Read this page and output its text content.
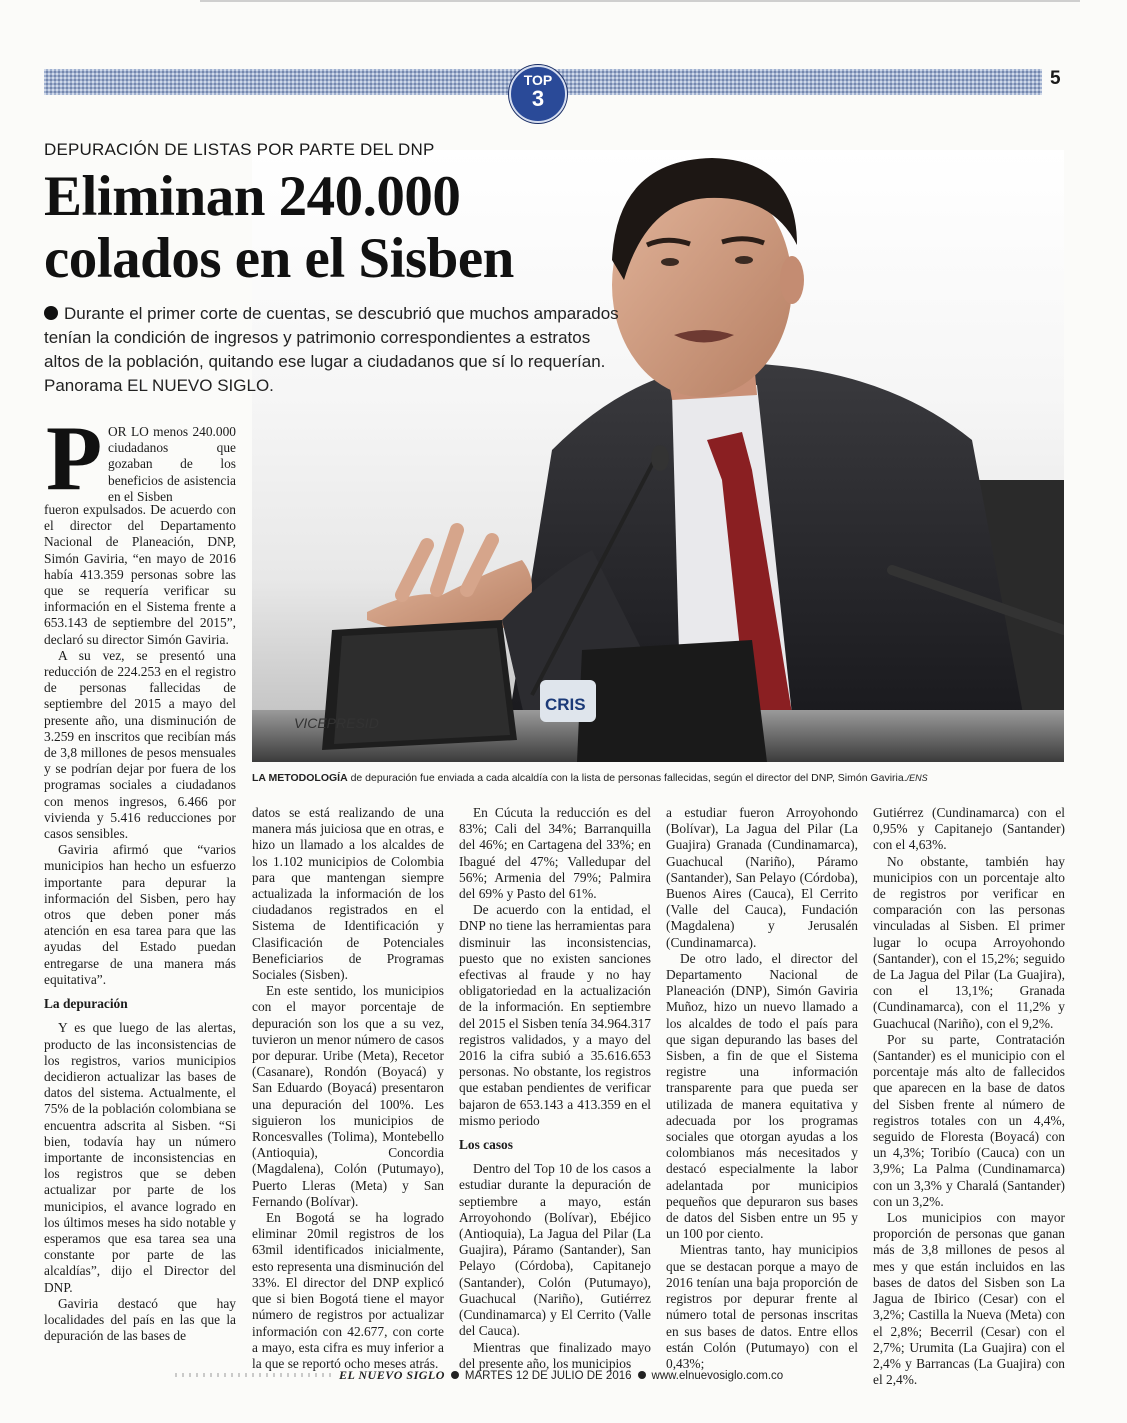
TOP
3
5
VICEPRESID
CRIS
DEPURACIÓN DE LISTAS POR PARTE DEL DNP
Eliminan 240.000 colados en el Sisben
Durante el primer corte de cuentas, se descubrió que muchos amparados tenían la condición de ingresos y patrimonio correspondientes a estratos altos de la población, quitando ese lugar a ciudadanos que sí lo requerían. Panorama EL NUEVO SIGLO.
LA METODOLOGÍA de depuración fue enviada a cada alcaldía con la lista de personas fallecidas, según el director del DNP, Simón Gaviria./ENS
P OR LO menos 240.000 ciudadanos que gozaban de los beneficios de asistencia en el Sisben

fueron expulsados. De acuerdo con el director del Departamento Nacional de Planeación, DNP, Simón Gaviria, “en mayo de 2016 había 413.359 personas sobre las que se requería verificar su información en el Sistema frente a 653.143 de septiembre del 2015”, declaró su director Simón Gaviria.

A su vez, se presentó una reducción de 224.253 en el registro de personas fallecidas de septiembre del 2015 a mayo del presente año, una disminución de 3.259 en inscritos que recibían más de 3,8 millones de pesos mensuales y se podrían dejar por fuera de los programas sociales a ciudadanos con menos ingresos, 6.466 por vivienda y 5.416 reducciones por casos sensibles.

Gaviria afirmó que “varios municipios han hecho un esfuerzo importante para depurar la información del Sisben, pero hay otros que deben poner más atención en esa tarea para que las ayudas del Estado puedan entregarse de una manera más equitativa”.

La depuración

Y es que luego de las alertas, producto de las inconsistencias de los registros, varios municipios decidieron actualizar las bases de datos del sistema. Actualmente, el 75% de la población colombiana se encuentra adscrita al Sisben. “Si bien, todavía hay un número importante de inconsistencias en los registros que se deben actualizar por parte de los municipios, el avance logrado en los últimos meses ha sido notable y esperamos que esa tarea sea una constante por parte de las alcaldías”, dijo el Director del DNP.

Gaviria destacó que hay localidades del país en las que la depuración de las bases de

datos se está realizando de una manera más juiciosa que en otras, e hizo un llamado a los alcaldes de los 1.102 municipios de Colombia para que mantengan siempre actualizada la información de los ciudadanos registrados en el Sistema de Identificación y Clasificación de Potenciales Beneficiarios de Programas Sociales (Sisben).

En este sentido, los municipios con el mayor porcentaje de depuración son los que a su vez, tuvieron un menor número de casos por depurar. Uribe (Meta), Recetor (Casanare), Rondón (Boyacá) y San Eduardo (Boyacá) presentaron una depuración del 100%. Les siguieron los municipios de Roncesvalles (Tolima), Montebello (Antioquia), Concordia (Magdalena), Colón (Putumayo), Puerto Lleras (Meta) y San Fernando (Bolívar).

En Bogotá se ha logrado eliminar 20mil registros de los 63mil identificados inicialmente, esto representa una disminución del 33%. El director del DNP explicó que si bien Bogotá tiene el mayor número de registros por actualizar información con 42.677, con corte a mayo, esta cifra es muy inferior a la que se reportó ocho meses atrás.

En Cúcuta la reducción es del 83%; Cali del 34%; Barranquilla del 46%; en Cartagena del 33%; en Ibagué del 47%; Valledupar del 56%; Armenia del 79%; Palmira del 69% y Pasto del 61%.

De acuerdo con la entidad, el DNP no tiene las herramientas para disminuir las inconsistencias, puesto que no existen sanciones efectivas al fraude y no hay obligatoriedad en la actualización de la información. En septiembre del 2015 el Sisben tenía 34.964.317 registros validados, y a mayo del 2016 la cifra subió a 35.616.653 personas. No obstante, los registros que estaban pendientes de verificar bajaron de 653.143 a 413.359 en el mismo periodo

Los casos

Dentro del Top 10 de los casos a estudiar durante la depuración de septiembre a mayo, están Arroyohondo (Bolívar), Ebéjico (Antioquia), La Jagua del Pilar (La Guajira), Páramo (Santander), San Pelayo (Córdoba), Capitanejo (Santander), Colón (Putumayo), Guachucal (Nariño), Gutiérrez (Cundinamarca) y El Cerrito (Valle del Cauca).

Mientras que finalizado mayo del presente año, los municipios

a estudiar fueron Arroyohondo (Bolívar), La Jagua del Pilar (La Guajira) Granada (Cundinamarca), Guachucal (Nariño), Páramo (Santander), San Pelayo (Córdoba), Buenos Aires (Cauca), El Cerrito (Valle del Cauca), Fundación (Magdalena) y Jerusalén (Cundinamarca).

De otro lado, el director del Departamento Nacional de Planeación (DNP), Simón Gaviria Muñoz, hizo un nuevo llamado a los alcaldes de todo el país para que sigan depurando las bases del Sisben, a fin de que el Sistema registre una información transparente para que pueda ser utilizada de manera equitativa y adecuada por los programas sociales que otorgan ayudas a los colombianos más necesitados y destacó especialmente la labor adelantada por municipios pequeños que depuraron sus bases de datos del Sisben entre un 95 y un 100 por ciento.

Mientras tanto, hay municipios que se destacan porque a mayo de 2016 tenían una baja proporción de registros por depurar frente al número total de personas inscritas en sus bases de datos. Entre ellos están Colón (Putumayo) con el 0,43%;

Gutiérrez (Cundinamarca) con el 0,95% y Capitanejo (Santander) con el 4,63%.

No obstante, también hay municipios con un porcentaje alto de registros por verificar en comparación con las personas vinculadas al Sisben. El primer lugar lo ocupa Arroyohondo (Santander), con el 15,2%; seguido de La Jagua del Pilar (La Guajira), con el 13,1%; Granada (Cundinamarca), con el 11,2% y Guachucal (Nariño), con el 9,2%.

Por su parte, Contratación (Santander) es el municipio con el porcentaje más alto de fallecidos que aparecen en la base de datos del Sisben frente al número de registros totales con un 4,4%, seguido de Floresta (Boyacá) con un 4,3%; Toribío (Cauca) con un 3,9%; La Palma (Cundinamarca) con un 3,3% y Charalá (Santander) con un 3,2%.

Los municipios con mayor proporción de personas que ganan más de 3,8 millones de pesos al mes y que están incluidos en las bases de datos del Sisben son La Jagua de Ibirico (Cesar) con el 3,2%; Castilla la Nueva (Meta) con el 2,8%; Becerril (Cesar) con el 2,7%; Urumita (La Guajira) con el 2,4% y Barrancas (La Guajira) con el 2,4%.

EL NUEVO SIGLO MARTES 12 DE JULIO DE 2016 www.elnuevosiglo.com.co
